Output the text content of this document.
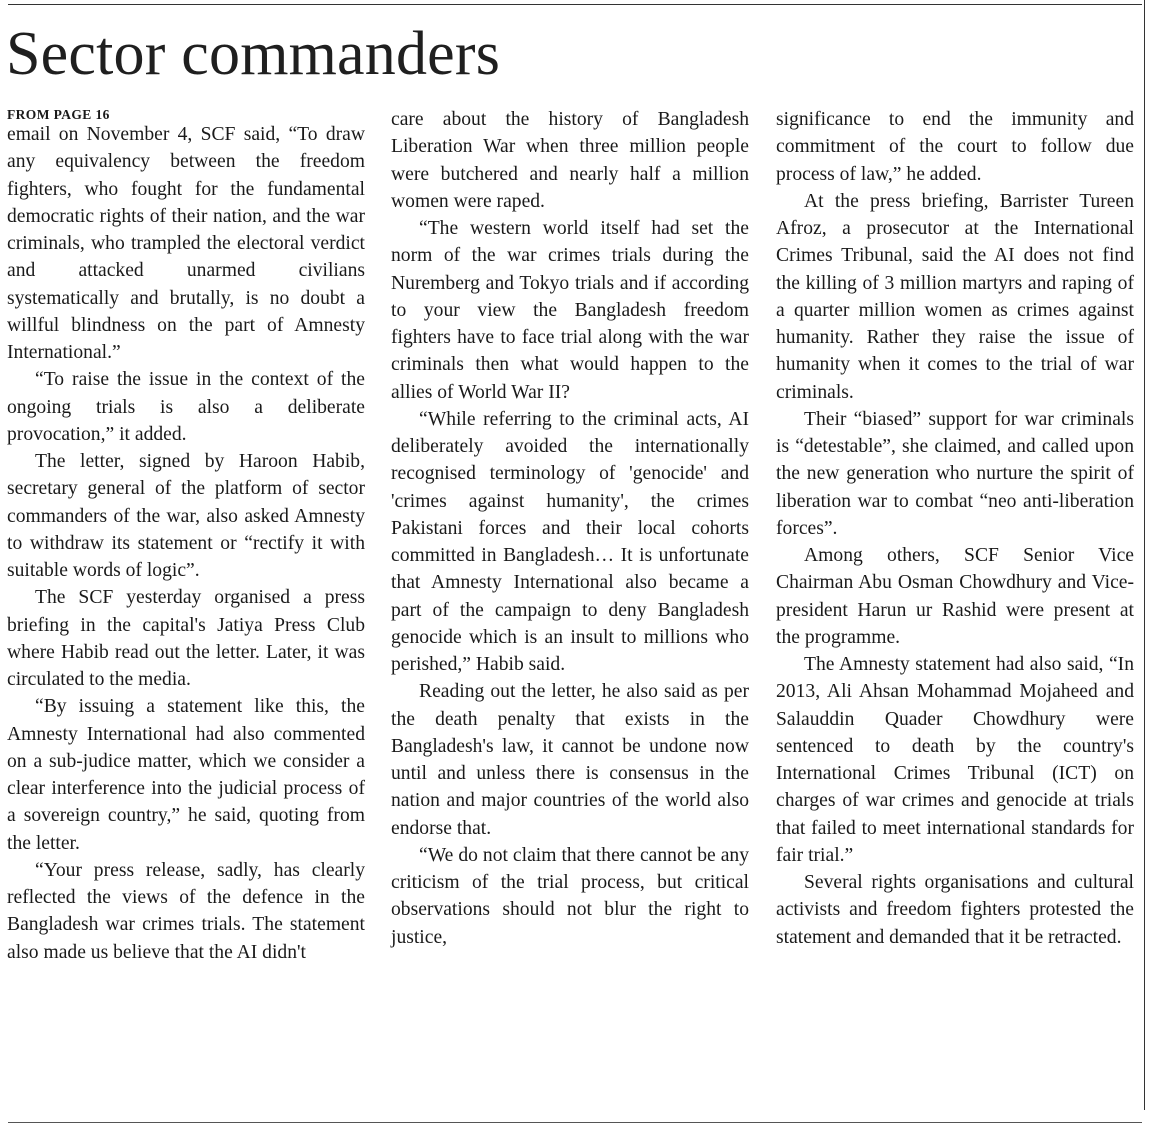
Sector commanders
FROM PAGE 16

email on November 4, SCF said, “To draw any equivalency between the freedom fighters, who fought for the fundamental democratic rights of their nation, and the war criminals, who trampled the electoral verdict and attacked unarmed civilians systematically and brutally, is no doubt a willful blindness on the part of Amnesty International.”

“To raise the issue in the context of the ongoing trials is also a deliberate provocation,” it added.

The letter, signed by Haroon Habib, secretary general of the platform of sector commanders of the war, also asked Amnesty to withdraw its statement or “rectify it with suitable words of logic”.

The SCF yesterday organised a press briefing in the capital's Jatiya Press Club where Habib read out the letter. Later, it was circulated to the media.

“By issuing a statement like this, the Amnesty International had also commented on a sub-judice matter, which we consider a clear interference into the judicial process of a sovereign country,” he said, quoting from the letter.

“Your press release, sadly, has clearly reflected the views of the defence in the Bangladesh war crimes trials. The statement also made us believe that the AI didn't

care about the history of Bangladesh Liberation War when three million people were butchered and nearly half a million women were raped.

“The western world itself had set the norm of the war crimes trials during the Nuremberg and Tokyo trials and if according to your view the Bangladesh freedom fighters have to face trial along with the war criminals then what would happen to the allies of World War II?

“While referring to the criminal acts, AI deliberately avoided the internationally recognised terminology of 'genocide' and 'crimes against humanity', the crimes Pakistani forces and their local cohorts committed in Bangladesh… It is unfortunate that Amnesty International also became a part of the campaign to deny Bangladesh genocide which is an insult to millions who perished,” Habib said.

Reading out the letter, he also said as per the death penalty that exists in the Bangladesh's law, it cannot be undone now until and unless there is consensus in the nation and major countries of the world also endorse that.

“We do not claim that there cannot be any criticism of the trial process, but critical observations should not blur the right to justice,

significance to end the immunity and commitment of the court to follow due process of law,” he added.

At the press briefing, Barrister Tureen Afroz, a prosecutor at the International Crimes Tribunal, said the AI does not find the killing of 3 million martyrs and raping of a quarter million women as crimes against humanity. Rather they raise the issue of humanity when it comes to the trial of war criminals.

Their “biased” support for war criminals is “detestable”, she claimed, and called upon the new generation who nurture the spirit of liberation war to combat “neo anti-liberation forces”.

Among others, SCF Senior Vice Chairman Abu Osman Chowdhury and Vice-president Harun ur Rashid were present at the programme.

The Amnesty statement had also said, “In 2013, Ali Ahsan Mohammad Mojaheed and Salauddin Quader Chowdhury were sentenced to death by the country's International Crimes Tribunal (ICT) on charges of war crimes and genocide at trials that failed to meet international standards for fair trial.”

Several rights organisations and cultural activists and freedom fighters protested the statement and demanded that it be retracted.
